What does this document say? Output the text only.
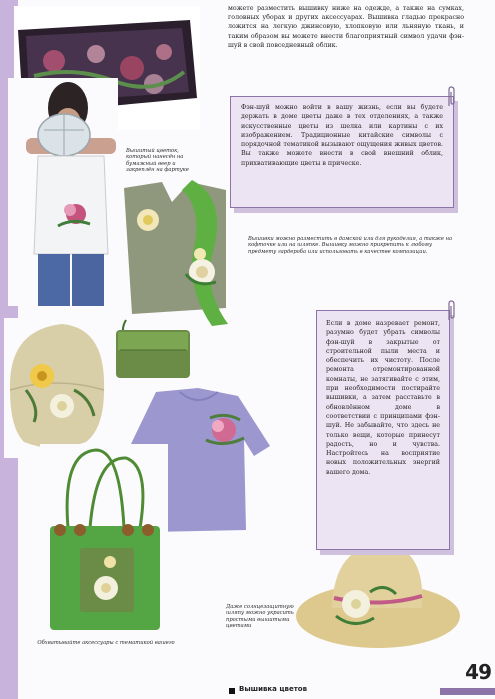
Вышитый цветок, который нанесён на бумажный веер и закреплён на фартуке
Обхватывайте аксессуары с тематикой вашего
Даже солнцезащитную шляпу можно украсить простыми вышитыми цветами
можете разместить вышивку ниже на одежде, а также на сумках, головных уборах и других аксессуарах. Вышивка гладью прекрасно ложится на легкую джинсовую, хлопковую или льняную ткань, и таким образом вы можете внести благоприятный символ удачи фэн-шуй в свой повседневный облик.
Фэн-шуй можно войти в вашу жизнь, если вы будете держать в доме цветы даже в тех отделениях, а также искусственные цветы из шелка или картины с их изображением. Традиционные китайские символы с порядочной тематикой вызывают ощущения живых цветов. Вы также можете внести в свой внешний облик, прихвативающие цветы в прическе.
Вышивки можно разместить в дамской или для рукоделия, а также на кофточке или на шляпке. Вышивку можно прикрепить к любому предмету гардероба или использовать в качестве композиции.
Если в доме назревает ремонт, разумно будет убрать символы фэн-шуй в закрытые от строительной пыли места и обеспечить их чистоту. После ремонта отремонтированной комнаты, не затягивайте с этим, при необходимости постирайте вышивки, а затем расставьте в обновлённом доме в соответствии с принципами фэн-шуй. Не забывайте, что здесь не только вещи, которые принесут радость, но и чувства. Настройтесь на восприятие новых положительных энергий вашего дома.
Вышивка цветов
49
